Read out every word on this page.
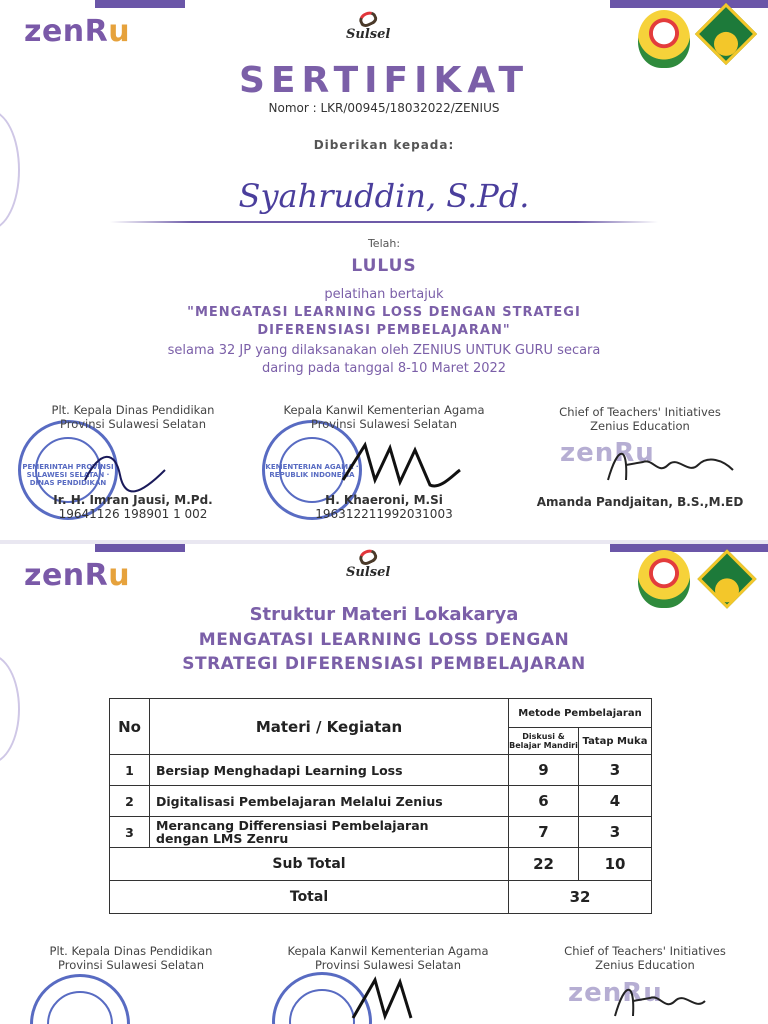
zenRu	Sulsel
SERTIFIKAT
Nomor : LKR/00945/18032022/ZENIUS
Diberikan kepada:
Syahruddin, S.Pd.
Telah:
LULUS
pelatihan bertajuk
"MENGATASI LEARNING LOSS DENGAN STRATEGI
DIFERENSIASI PEMBELAJARAN"
selama 32 JP yang dilaksanakan oleh ZENIUS UNTUK GURU secara
daring pada tanggal 8-10 Maret 2022
PEMERINTAH PROVINSI SULAWESI SELATAN · DINAS PENDIDIKAN
Plt. Kepala Dinas Pendidikan
Provinsi Sulawesi Selatan
Ir. H. Imran Jausi, M.Pd.
19641126 198901 1 002
KEMENTERIAN AGAMA · REPUBLIK INDONESIA
Kepala Kanwil Kementerian Agama
Provinsi Sulawesi Selatan
H. Khaeroni, M.Si
196312211992031003
zenRu
Chief of Teachers' Initiatives
Zenius Education
Amanda Pandjaitan, B.S.,M.ED
zenRu	Sulsel
Struktur Materi Lokakarya
MENGATASI LEARNING LOSS DENGAN
STRATEGI DIFERENSIASI PEMBELAJARAN
No	Materi / Kegiatan	Metode Pembelajaran	

		Diskusi &
Belajar Mandiri	Tatap Muka
1	Bersiap Menghadapi Learning Loss	9	3
2	Digitalisasi Pembelajaran Melalui Zenius	6	4
3	Merancang Differensiasi Pembelajaran
dengan LMS Zenru	7	3
Sub Total		22	10
Total		32	
Plt. Kepala Dinas Pendidikan
Provinsi Sulawesi Selatan
Kepala Kanwil Kementerian Agama
Provinsi Sulawesi Selatan
Chief of Teachers' Initiatives
Zenius Education
zenRu
